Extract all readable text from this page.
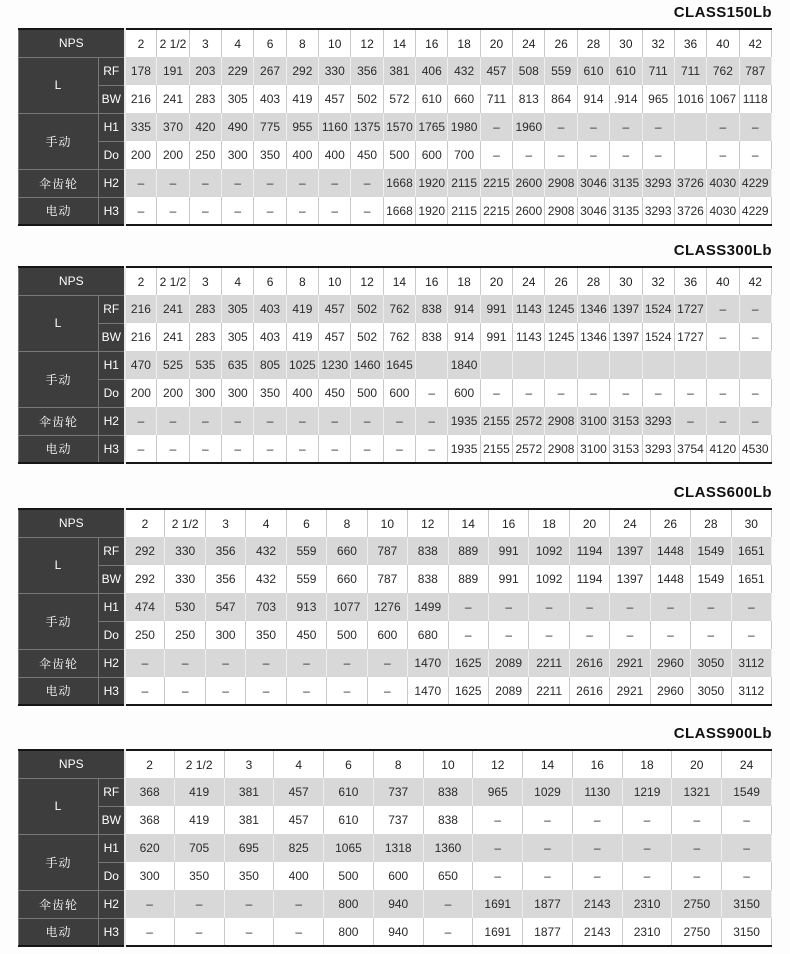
CLASS150Lb
NPS		2	2 1/2	3	4	6	8	10	12	14	16	18	20	24	26	28	30	32	36	40	42
L	RF	178	191	203	229	267	292	330	356	381	406	432	457	508	559	610	610	711	711	762	787
	BW	216	241	283	305	403	419	457	502	572	610	660	711	813	864	914	.914	965	1016	1067	1118
手动	H1	335	370	420	490	775	955	1160	1375	1570	1765	1980	–	1960	–	–	–	–		–	–
	Do	200	200	250	300	350	400	400	450	500	600	700	–	–	–	–	–	–		–	–
伞齿轮	H2	–	–	–	–	–	–	–	–	1668	1920	2115	2215	2600	2908	3046	3135	3293	3726	4030	4229
电动	H3	–	–	–	–	–	–	–	–	1668	1920	2115	2215	2600	2908	3046	3135	3293	3726	4030	4229
CLASS300Lb
NPS		2	2 1/2	3	4	6	8	10	12	14	16	18	20	24	26	28	30	32	36	40	42
L	RF	216	241	283	305	403	419	457	502	762	838	914	991	1143	1245	1346	1397	1524	1727	–	–
	BW	216	241	283	305	403	419	457	502	762	838	914	991	1143	1245	1346	1397	1524	1727	–	–
手动	H1	470	525	535	635	805	1025	1230	1460	1645		1840									
	Do	200	200	300	300	350	400	450	500	600	–	600	–	–	–	–	–	–	–	–	–
伞齿轮	H2	–	–	–	–	–	–	–	–	–	–	1935	2155	2572	2908	3100	3153	3293	–	–	–
电动	H3	–	–	–	–	–	–	–	–	–	–	1935	2155	2572	2908	3100	3153	3293	3754	4120	4530
CLASS600Lb
NPS		2	2 1/2	3	4	6	8	10	12	14	16	18	20	24	26	28	30
L	RF	292	330	356	432	559	660	787	838	889	991	1092	1194	1397	1448	1549	1651
	BW	292	330	356	432	559	660	787	838	889	991	1092	1194	1397	1448	1549	1651
手动	H1	474	530	547	703	913	1077	1276	1499	–	–	–	–	–	–	–	–
	Do	250	250	300	350	450	500	600	680	–	–	–	–	–	–	–	–
伞齿轮	H2	–	–	–	–	–	–	–	1470	1625	2089	2211	2616	2921	2960	3050	3112
电动	H3	–	–	–	–	–	–	–	1470	1625	2089	2211	2616	2921	2960	3050	3112
CLASS900Lb
NPS		2	2 1/2	3	4	6	8	10	12	14	16	18	20	24
L	RF	368	419	381	457	610	737	838	965	1029	1130	1219	1321	1549
	BW	368	419	381	457	610	737	838	–	–	–	–	–	–
手动	H1	620	705	695	825	1065	1318	1360	–	–	–	–	–	–
	Do	300	350	350	400	500	600	650	–	–	–	–	–	–
伞齿轮	H2	–	–	–	–	800	940	–	1691	1877	2143	2310	2750	3150
电动	H3	–	–	–	–	800	940	–	1691	1877	2143	2310	2750	3150
